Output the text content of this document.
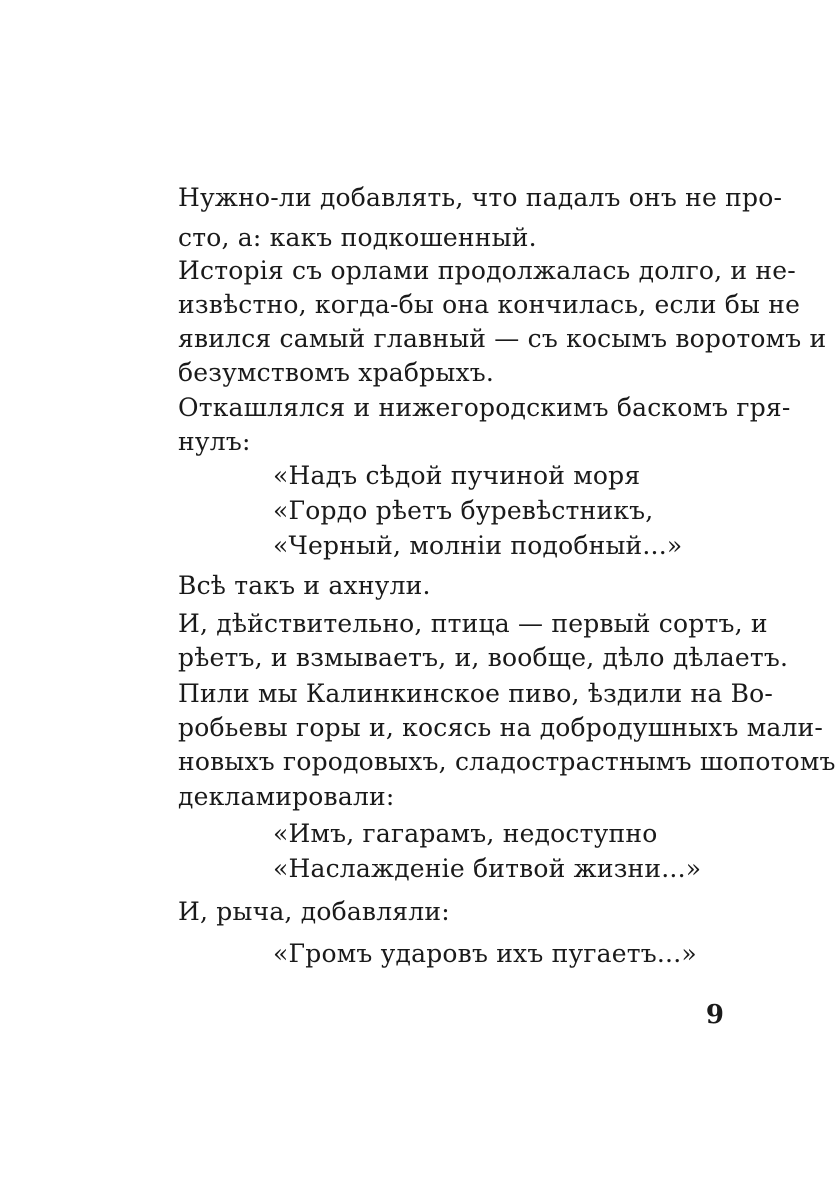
Нужно-ли добавлять, что падалъ онъ не про-
сто, а: какъ подкошенный.
Исторія съ орлами продолжалась долго, и не-
извѣстно, когда-бы она кончилась, если бы не
явился самый главный — съ косымъ воротомъ и
безумствомъ храбрыхъ.
Откашлялся и нижегородскимъ баскомъ гря-
нулъ:
«Надъ сѣдой пучиной моря
«Гордо рѣетъ буревѣстникъ,
«Черный, молніи подобный...»
Всѣ такъ и ахнули.
И, дѣйствительно, птица — первый сортъ, и
рѣетъ, и взмываетъ, и, вообще, дѣло дѣлаетъ.
Пили мы Калинкинское пиво, ѣздили на Во-
робьевы горы и, косясь на добродушныхъ мали-
новыхъ городовыхъ, сладострастнымъ шопотомъ
декламировали:
«Имъ, гагарамъ, недоступно
«Наслажденіе битвой жизни...»
И, рыча, добавляли:
«Громъ ударовъ ихъ пугаетъ...»
9
